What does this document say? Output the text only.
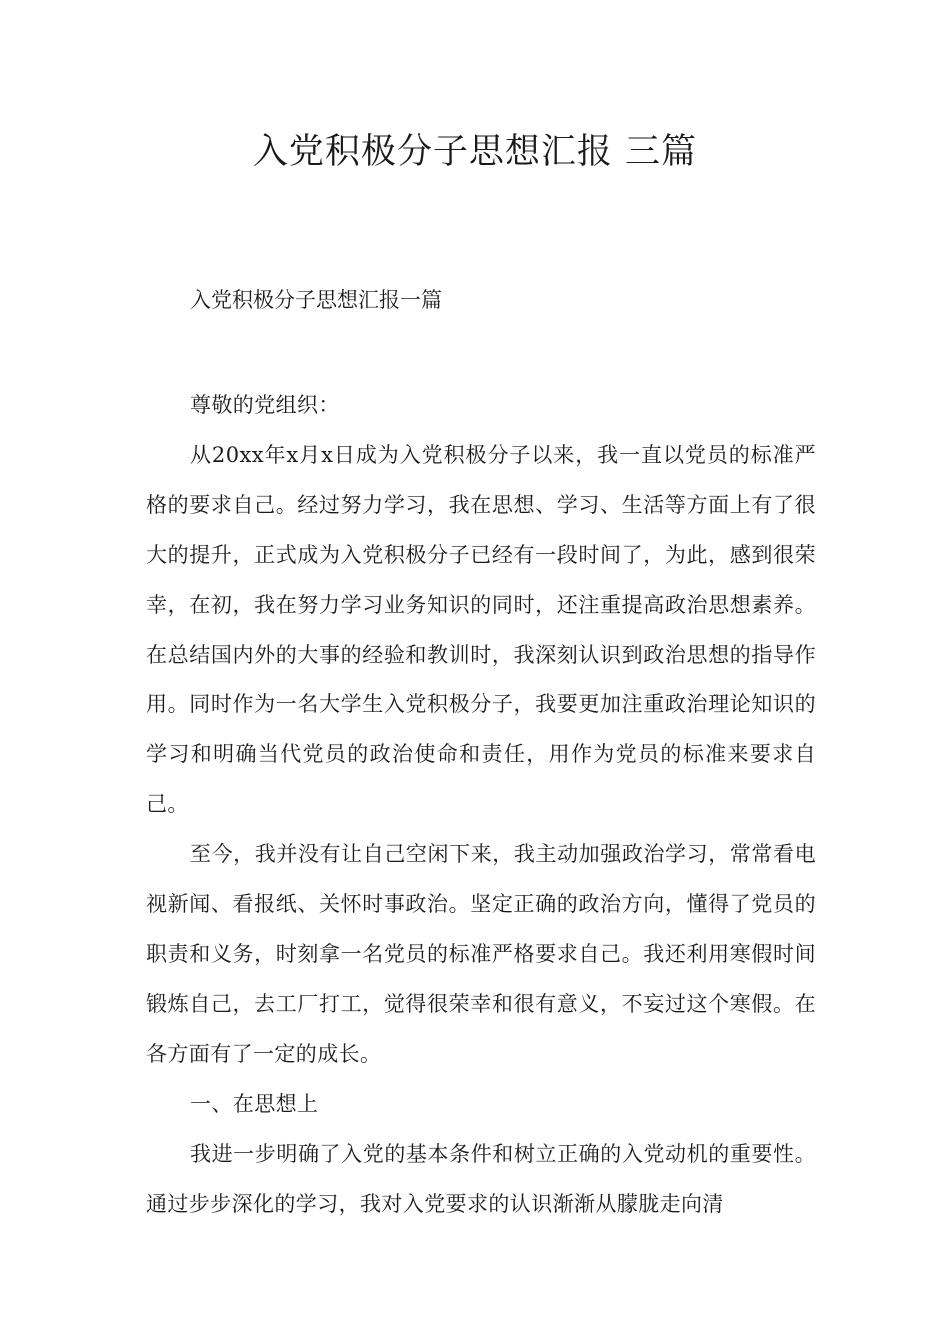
入党积极分子思想汇报 三篇

入党积极分子思想汇报一篇

尊敬的党组织：

从20xx年x月x日成为入党积极分子以来，我一直以党员的标准严格的要求自己。经过努力学习，我在思想、学习、生活等方面上有了很大的提升，正式成为入党积极分子已经有一段时间了，为此，感到很荣幸，在初，我在努力学习业务知识的同时，还注重提高政治思想素养。在总结国内外的大事的经验和教训时，我深刻认识到政治思想的指导作用。同时作为一名大学生入党积极分子，我要更加注重政治理论知识的学习和明确当代党员的政治使命和责任，用作为党员的标准来要求自己。

至今，我并没有让自己空闲下来，我主动加强政治学习，常常看电视新闻、看报纸、关怀时事政治。坚定正确的政治方向，懂得了党员的职责和义务，时刻拿一名党员的标准严格要求自己。我还利用寒假时间锻炼自己，去工厂打工，觉得很荣幸和很有意义，不妄过这个寒假。在各方面有了一定的成长。

一、在思想上

我进一步明确了入党的基本条件和树立正确的入党动机的重要性。通过步步深化的学习，我对入党要求的认识渐渐从朦胧走向清
